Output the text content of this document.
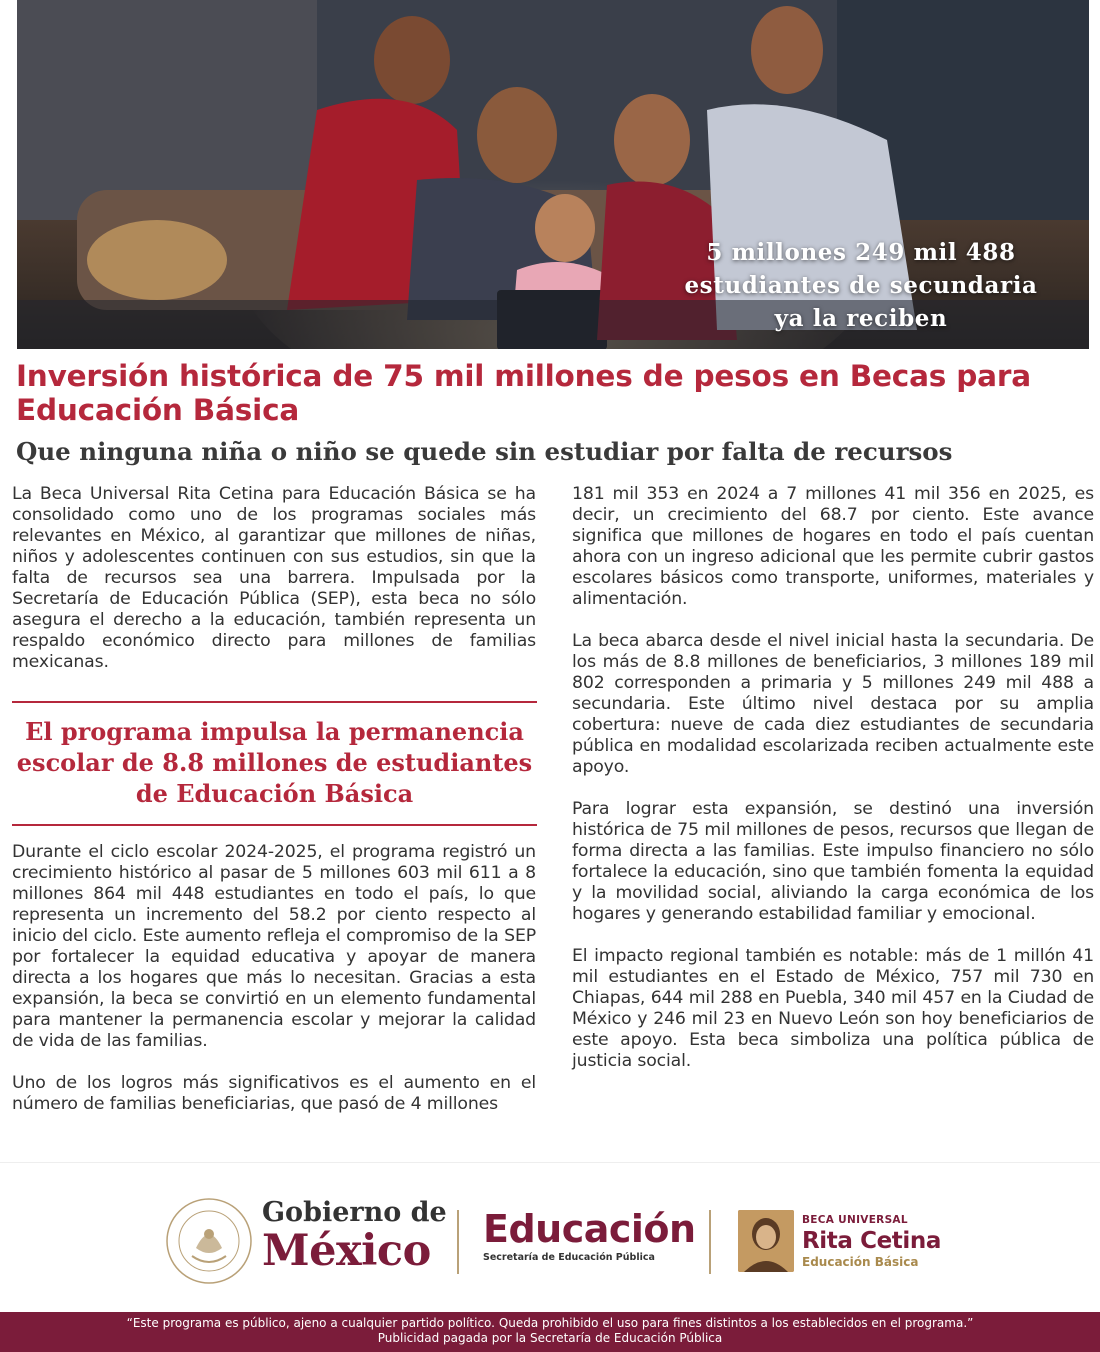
5 millones 249 mil 488
estudiantes de secundaria
ya la reciben
Inversión histórica de 75 mil millones de pesos en Becas para Educación Básica
Que ninguna niña o niño se quede sin estudiar por falta de recursos

La Beca Universal Rita Cetina para Educación Básica se ha consolidado como uno de los programas sociales más relevantes en México, al garantizar que millones de niñas, niños y adolescentes continuen con sus estudios, sin que la falta de recursos sea una barrera. Impulsada por la Secretaría de Educación Pública (SEP), esta beca no sólo asegura el derecho a la educación, también representa un respaldo económico directo para millones de familias mexicanas.

El programa impulsa la permanencia
escolar de 8.8 millones de estudiantes
de Educación Básica

Durante el ciclo escolar 2024-2025, el programa registró un crecimiento histórico al pasar de 5 millones 603 mil 611 a 8 millones 864 mil 448 estudiantes en todo el país, lo que representa un incremento del 58.2 por ciento respecto al inicio del ciclo. Este aumento refleja el compromiso de la SEP por fortalecer la equidad educativa y apoyar de manera directa a los hogares que más lo necesitan. Gracias a esta expansión, la beca se convirtió en un elemento fundamental para mantener la permanencia escolar y mejorar la calidad de vida de las familias.

Uno de los logros más significativos es el aumento en el número de familias beneficiarias, que pasó de 4 millones

181 mil 353 en 2024 a 7 millones 41 mil 356 en 2025, es decir, un crecimiento del 68.7 por ciento. Este avance significa que millones de hogares en todo el país cuentan ahora con un ingreso adicional que les permite cubrir gastos escolares básicos como transporte, uniformes, materiales y alimentación.

La beca abarca desde el nivel inicial hasta la secundaria. De los más de 8.8 millones de beneficiarios, 3 millones 189 mil 802 corresponden a primaria y 5 millones 249 mil 488 a secundaria. Este último nivel destaca por su amplia cobertura: nueve de cada diez estudiantes de secundaria pública en modalidad escolarizada reciben actualmente este apoyo.

Para lograr esta expansión, se destinó una inversión histórica de 75 mil millones de pesos, recursos que llegan de forma directa a las familias. Este impulso financiero no sólo fortalece la educación, sino que también fomenta la equidad y la movilidad social, aliviando la carga económica de los hogares y generando estabilidad familiar y emocional.

El impacto regional también es notable: más de 1 millón 41 mil estudiantes en el Estado de México, 757 mil 730 en Chiapas, 644 mil 288 en Puebla, 340 mil 457 en la Ciudad de México y 246 mil 23 en Nuevo León son hoy beneficiarios de este apoyo. Esta beca simboliza una política pública de justicia social.

Gobierno de
México	Educación
Secretaría de Educación Pública
BECA UNIVERSAL
Rita Cetina
Educación Básica
“Este programa es público, ajeno a cualquier partido político. Queda prohibido el uso para fines distintos a los establecidos en el programa.”
Publicidad pagada por la Secretaría de Educación Pública
